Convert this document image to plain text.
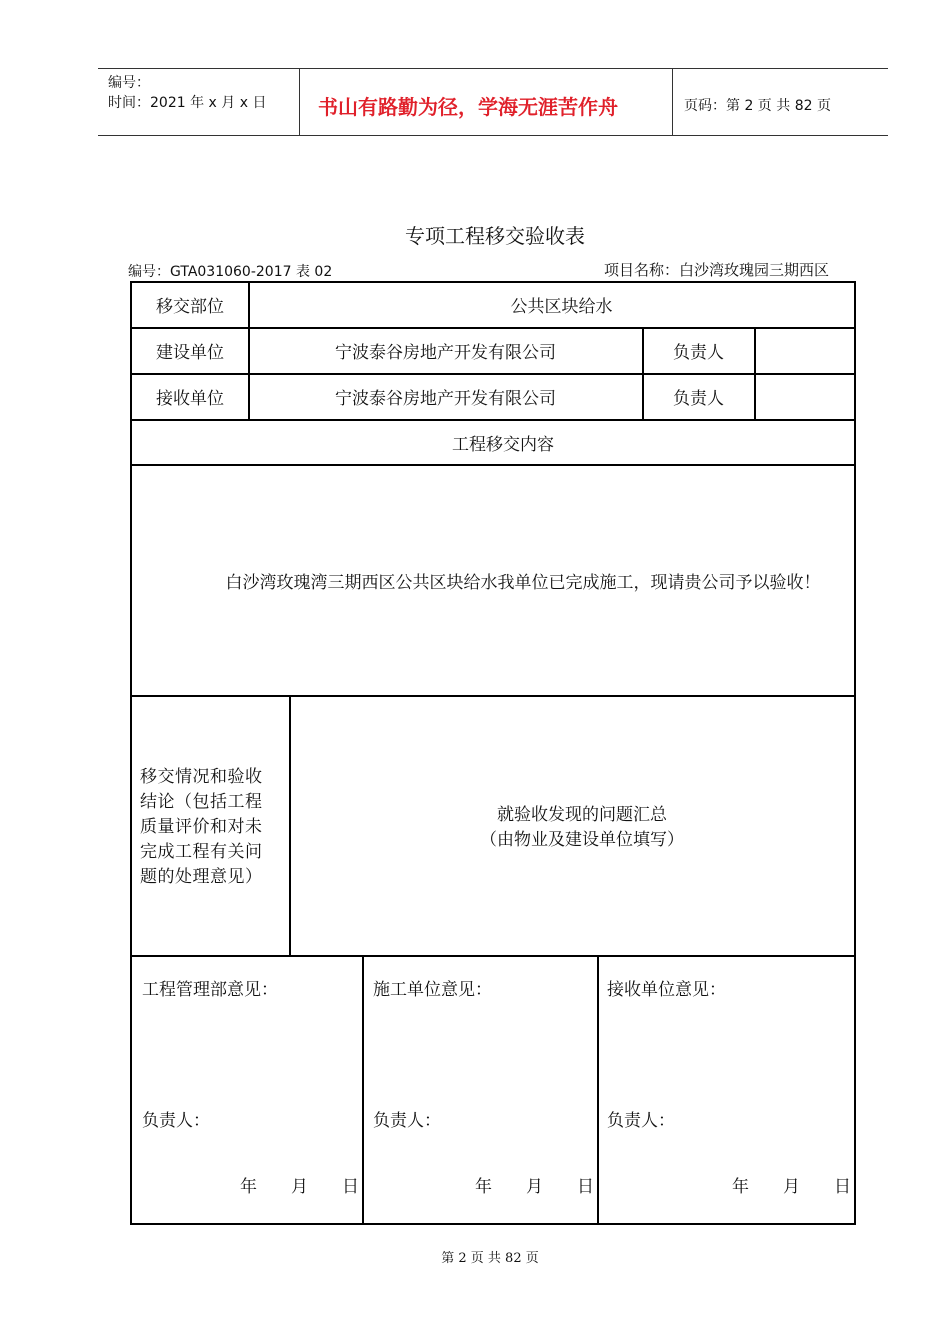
编号：
时间：2021 年 x 月 x 日	书山有路勤为径，学海无涯苦作舟	页码：第 2 页 共 82 页
专项工程移交验收表
编号：GTA031060-2017 表 02	项目名称：白沙湾玫瑰园三期西区
移交部位	公共区块给水
建设单位	宁波泰谷房地产开发有限公司	负责人
接收单位	宁波泰谷房地产开发有限公司	负责人
工程移交内容
白沙湾玫瑰湾三期西区公共区块给水我单位已完成施工，现请贵公司予以验收！
移交情况和验收结论（包括工程质量评价和对未完成工程有关问题的处理意见）
就验收发现的问题汇总
（由物业及建设单位填写）
工程管理部意见：
负责人：
年　　月　　日
施工单位意见：
负责人：
年　　月　　日
接收单位意见：
负责人：
年　　月　　日
第 2 页 共 82 页
